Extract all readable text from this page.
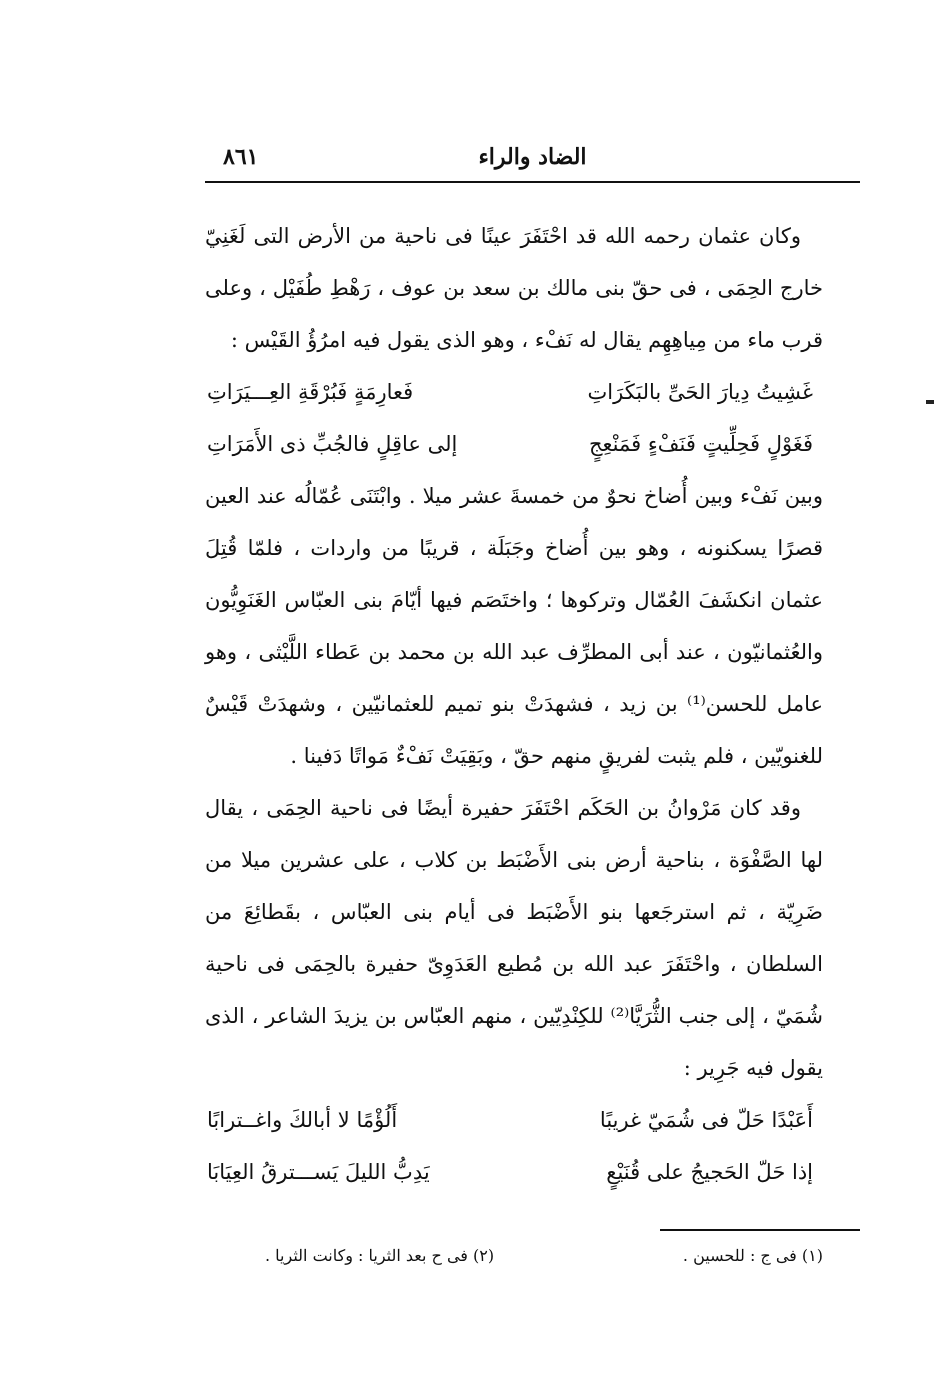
الضاد والراء
٨٦١

وكان عثمان رحمه الله قد احْتَفَرَ عينًا فى ناحية من الأرض التى لَغَنِيّ خارج الحِمَى ، فى حقّ بنى مالك بن سعد بن عوف ، رَهْطِ طُفَيْل ، وعلى قرب ماء من مِياهِهِم يقال له نَفْء ، وهو الذى يقول فيه امرُؤُ القَيْس :

غَشِيتُ دِيارَ الحَىِّ بالبَكَرَاتِ
فَعارِمَةٍ فَبُرْقَةِ العِـــيَرَاتِ
فَغَوْلٍ فَحِلِّيتٍ فَنَفْءٍ فَمَنْعِجٍ
إلى عاقِلٍ فالجُبِّ ذى الأَمَرَاتِ

وبين نَفْء وبين أُضاخ نحوٌ من خمسةَ عشر ميلا . وابْتَنَى عُمّالُه عند العين قصرًا يسكنونه ، وهو بين أُضاخ وجَبَلَة ، قريبًا من واردات ، فلمّا قُتِلَ عثمان انكشَفَ العُمّال وتركوها ؛ واختَصَم فيها أيّامَ بنى العبّاس الغَنَوِيُّون والعُثمانيّون ، عند أبى المطرِّف عبد الله بن محمد بن عَطاء اللَّيْثى ، وهو عامل للحسن⁽¹⁾ بن زيد ، فشهدَتْ بنو تميم للعثمانيّين ، وشهدَتْ قَيْسٌ للغنويّين ، فلم يثبت لفريقٍ منهم حقّ ، وبَقِيَتْ نَفْءٌ مَواتًا دَفينا .

وقد كان مَرْوانُ بن الحَكَم احْتَفَرَ حفيرة أيضًا فى ناحية الحِمَى ، يقال لها الصَّفْوَة ، بناحية أرض بنى الأَضْبَط بن كلاب ، على عشرين ميلا من ضَرِيّة ، ثم استرجَعها بنو الأَضْبَط فى أيام بنى العبّاس ، بقَطائِعَ من السلطان ، واحْتَفَرَ عبد الله بن مُطيع العَدَوِىّ حفيرة بالحِمَى فى ناحية شُمَيّ ، إلى جنب الثُّرَيَّا⁽²⁾ للكِنْدِيّين ، منهم العبّاس بن يزيدَ الشاعر ، الذى يقول فيه جَرِير :

أَعَبْدًا حَلّ فى شُمَيّ غريبًا
أَلُؤْمًا لا أبالكَ واغــترابًا
إذا حَلّ الحَجيجُ على قُنَيْعٍ
يَدِبُّ الليلَ يَســـترقُ العِيَابَا
(١) فى ج : للحسين .
(٢) فى ح بعد الثريا : وكانت الثريا .
